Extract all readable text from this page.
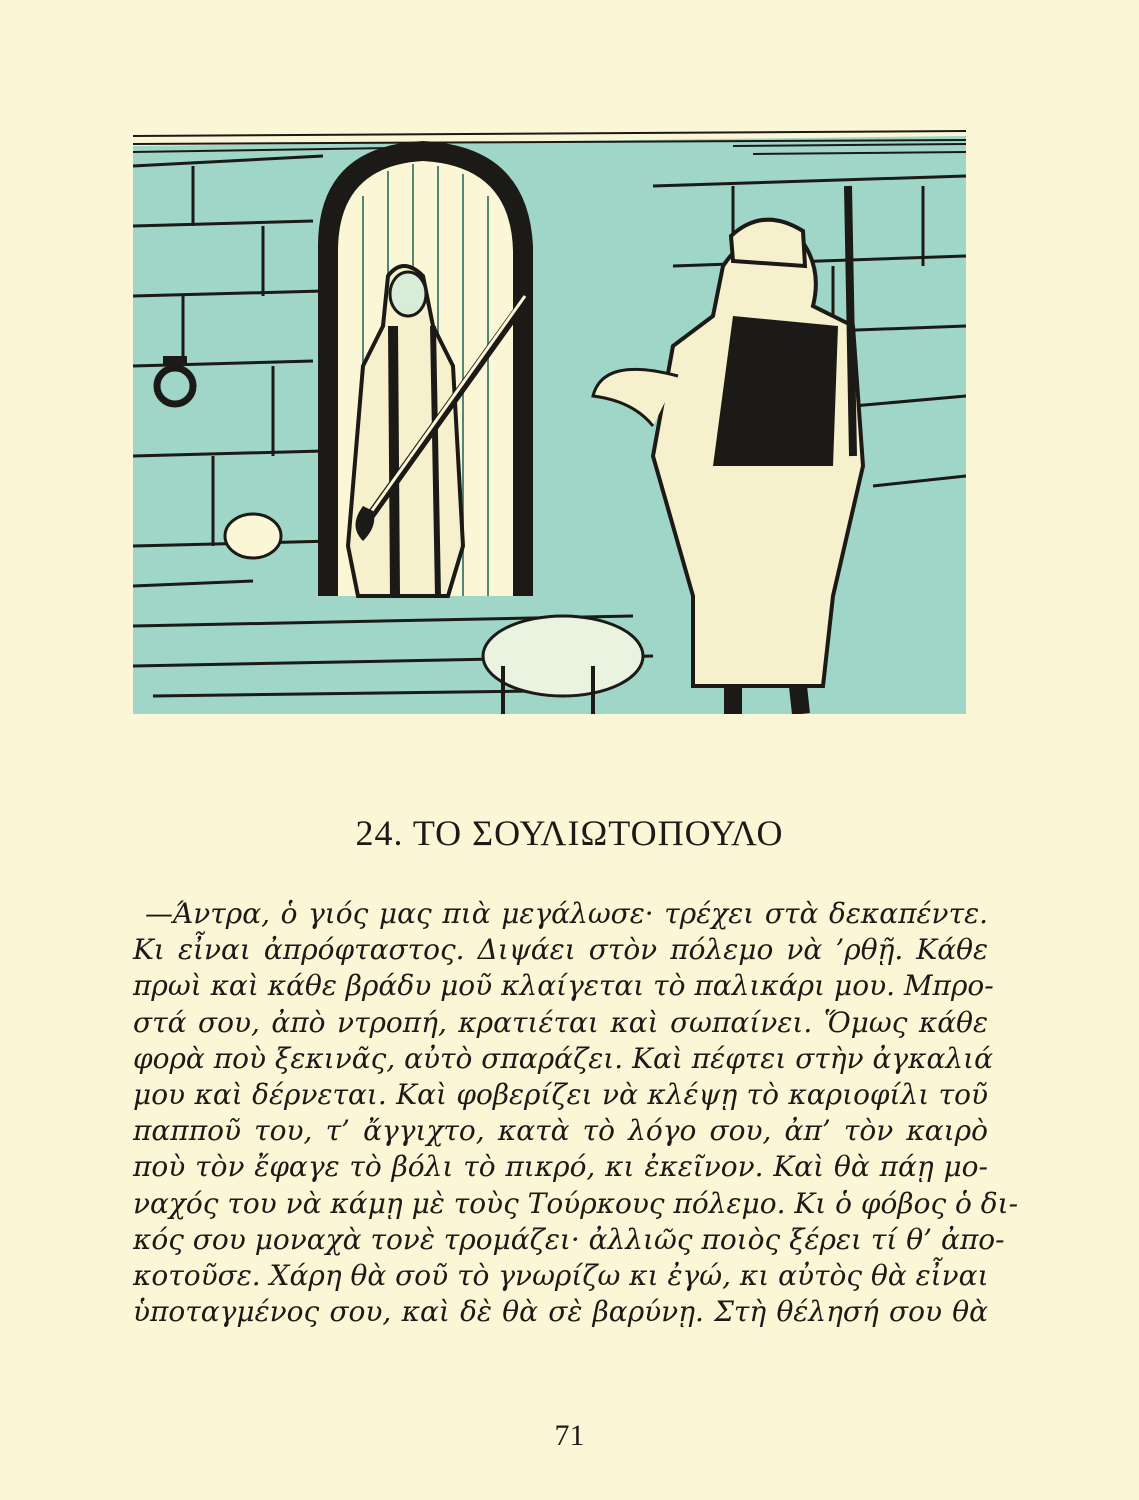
24. ΤΟ ΣΟΥΛΙΩΤΟΠΟΥΛΟ
—Άντρα, ὁ γιός μας πιὰ μεγάλωσε· τρέχει στὰ δεκαπέντε.
Κι εἶναι ἀπρόφταστος. Διψάει στὸν πόλεμο νὰ ’ρθῇ. Κάθε
πρωὶ καὶ κάθε βράδυ μοῦ κλαίγεται τὸ παλικάρι μου. Μπρο-
στά σου, ἀπὸ ντροπή, κρατιέται καὶ σωπαίνει. Ὅμως κάθε
φορὰ ποὺ ξεκινᾶς, αὐτὸ σπαράζει. Καὶ πέφτει στὴν ἀγκαλιά
μου καὶ δέρνεται. Καὶ φοβερίζει νὰ κλέψῃ τὸ καριοφίλι τοῦ
παπποῦ του, τ’ ἄγγιχτο, κατὰ τὸ λόγο σου, ἀπ’ τὸν καιρὸ
ποὺ τὸν ἔφαγε τὸ βόλι τὸ πικρό, κι ἐκεῖνον. Καὶ θὰ πάῃ μο-
ναχός του νὰ κάμῃ μὲ τοὺς Τούρκους πόλεμο. Κι ὁ φόβος ὁ δι-
κός σου μοναχὰ τονὲ τρομάζει· ἀλλιῶς ποιὸς ξέρει τί θ’ ἀπο-
κοτοῦσε. Χάρη θὰ σοῦ τὸ γνωρίζω κι ἐγώ, κι αὐτὸς θὰ εἶναι
ὑποταγμένος σου, καὶ δὲ θὰ σὲ βαρύνῃ. Στὴ θέλησή σου θὰ
71
